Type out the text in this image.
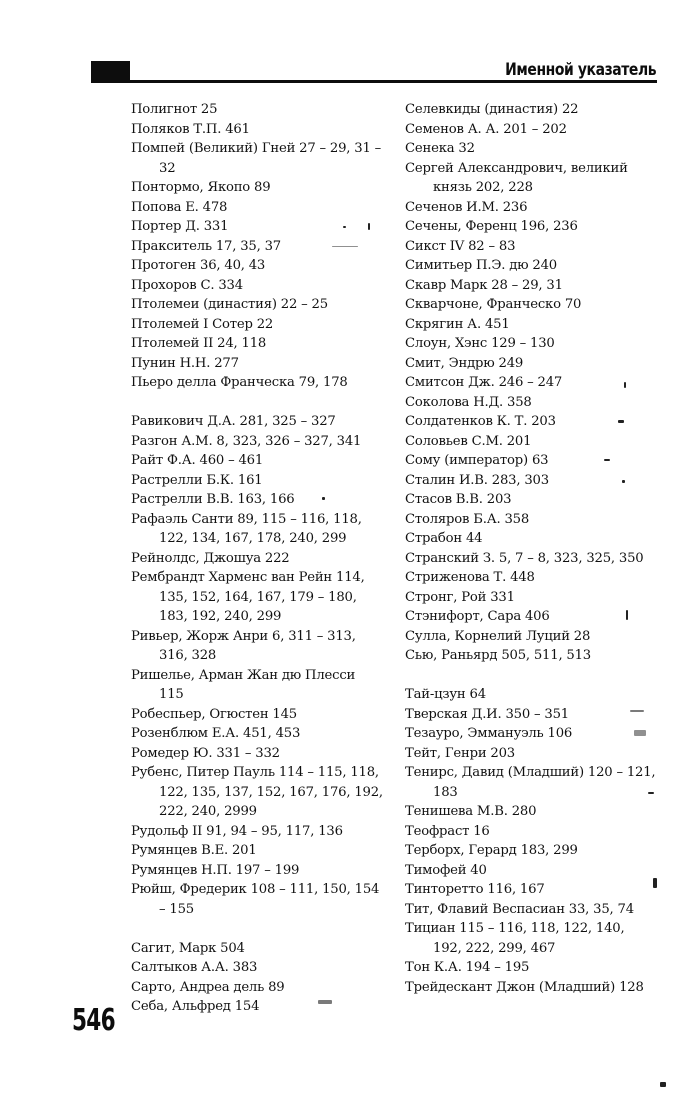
Именной указатель

Полигнот 25

Поляков Т.П. 461

Помпей (Великий) Гней 27 – 29, 31 – 32

Понтормо, Якопо 89

Попова Е. 478

Портер Д. 331

Пракситель 17, 35, 37

Протоген 36, 40, 43

Прохоров С. 334

Птолемеи (династия) 22 – 25

Птолемей I Сотер 22

Птолемей II 24, 118

Пунин Н.Н. 277

Пьеро делла Франческа 79, 178

Равикович Д.А. 281, 325 – 327

Разгон А.М. 8, 323, 326 – 327, 341

Райт Ф.А. 460 – 461

Растрелли Б.К. 161

Растрелли В.В. 163, 166

Рафаэль Санти 89, 115 – 116, 118, 122, 134, 167, 178, 240, 299

Рейнолдс, Джошуа 222

Рембрандт Харменс ван Рейн 114, 135, 152, 164, 167, 179 – 180, 183, 192, 240, 299

Ривьер, Жорж Анри 6, 311 – 313, 316, 328

Ришелье, Арман Жан дю Плесси 115

Робеспьер, Огюстен 145

Розенблюм Е.А. 451, 453

Ромедер Ю. 331 – 332

Рубенс, Питер Пауль 114 – 115, 118, 122, 135, 137, 152, 167, 176, 192, 222, 240, 2999

Рудольф II 91, 94 – 95, 117, 136

Румянцев В.Е. 201

Румянцев Н.П. 197 – 199

Рюйш, Фредерик 108 – 111, 150, 154 – 155

Сагит, Марк 504

Салтыков А.А. 383

Сарто, Андреа дель 89

Себа, Альфред 154

Селевкиды (династия) 22

Семенов А. А. 201 – 202

Сенека 32

Сергей Александрович, великий князь 202, 228

Сеченов И.М. 236

Сечены, Ференц 196, 236

Сикст IV 82 – 83

Симитьер П.Э. дю 240

Скавр Марк 28 – 29, 31

Скварчоне, Франческо 70

Скрягин А. 451

Слоун, Хэнс 129 – 130

Смит, Эндрю 249

Смитсон Дж. 246 – 247

Соколова Н.Д. 358

Солдатенков К. Т. 203

Соловьев С.М. 201

Сому (император) 63

Сталин И.В. 283, 303

Стасов В.В. 203

Столяров Б.А. 358

Страбон 44

Странский З. 5, 7 – 8, 323, 325, 350

Стриженова Т. 448

Стронг, Рой 331

Стэнифорт, Сара 406

Сулла, Корнелий Луций 28

Сью, Раньярд 505, 511, 513

Тай-цзун 64

Тверская Д.И. 350 – 351

Тезауро, Эммануэль 106

Тейт, Генри 203

Тенирс, Давид (Младший) 120 – 121, 183

Тенишева М.В. 280

Теофраст 16

Терборх, Герард 183, 299

Тимофей 40

Тинторетто 116, 167

Тит, Флавий Веспасиан 33, 35, 74

Тициан 115 – 116, 118, 122, 140, 192, 222, 299, 467

Тон К.А. 194 – 195

Трейдескант Джон (Младший) 128

546
